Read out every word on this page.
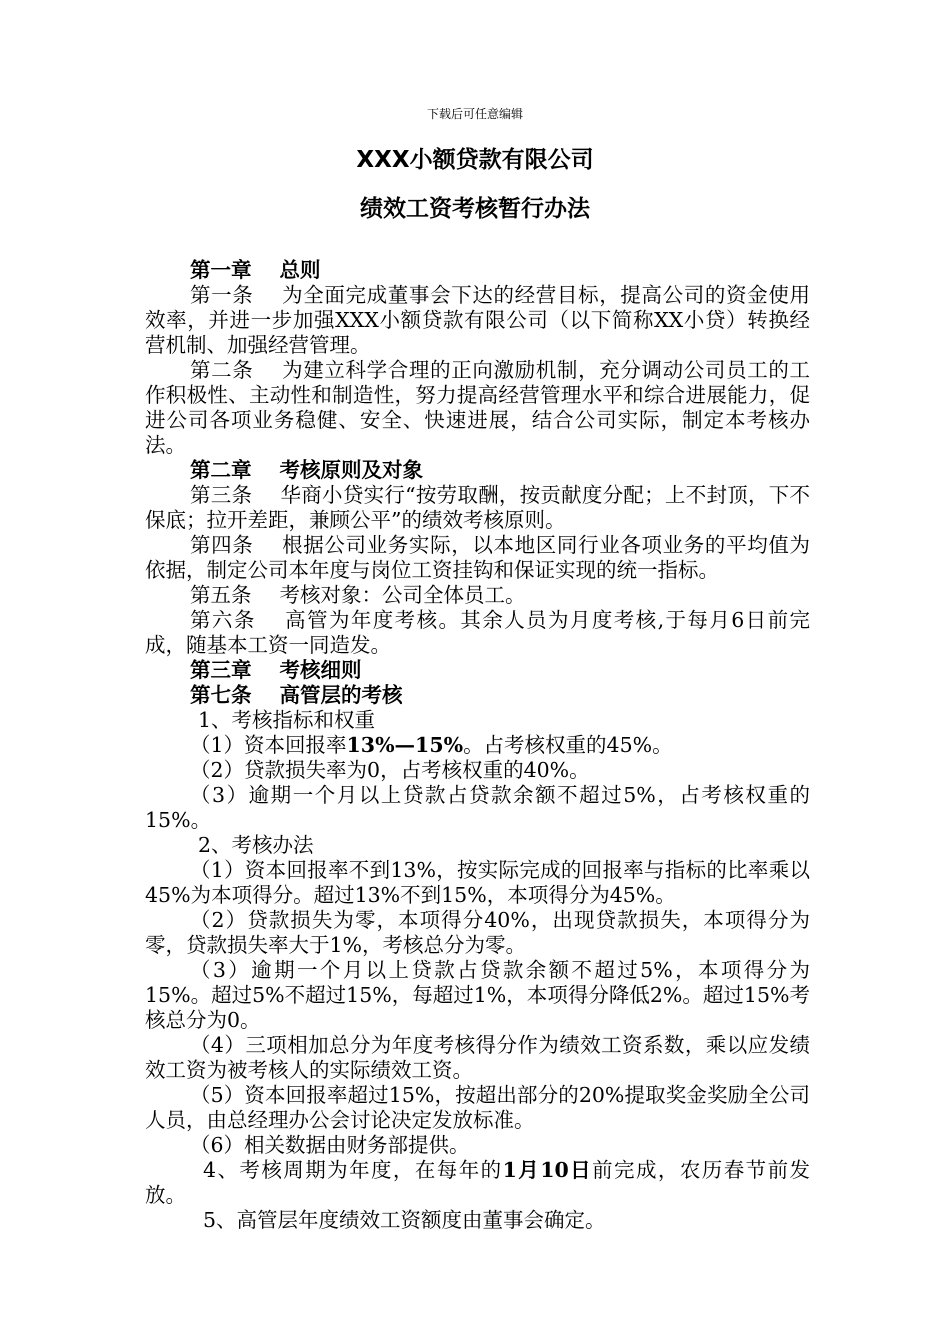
下载后可任意编辑
XXX小额贷款有限公司
绩效工资考核暂行办法

第一章 总则

第一条 为全面完成董事会下达的经营目标，提高公司的资金使用效率，并进一步加强XXX小额贷款有限公司（以下简称XX小贷）转换经营机制、加强经营管理。

第二条 为建立科学合理的正向激励机制，充分调动公司员工的工作积极性、主动性和制造性，努力提高经营管理水平和综合进展能力，促进公司各项业务稳健、安全、快速进展，结合公司实际，制定本考核办法。

第二章 考核原则及对象

第三条 华商小贷实行“按劳取酬，按贡献度分配；上不封顶，下不保底；拉开差距，兼顾公平”的绩效考核原则。

第四条 根据公司业务实际，以本地区同行业各项业务的平均值为依据，制定公司本年度与岗位工资挂钩和保证实现的统一指标。

第五条 考核对象：公司全体员工。

第六条 高管为年度考核。其余人员为月度考核,于每月6日前完成，随基本工资一同造发。

第三章 考核细则

第七条 高管层的考核

1、考核指标和权重

（1）资本回报率13%—15%。占考核权重的45%。

（2）贷款损失率为0，占考核权重的40%。

（3）逾期一个月以上贷款占贷款余额不超过5%，占考核权重的15%。

2、考核办法

（1）资本回报率不到13%，按实际完成的回报率与指标的比率乘以45%为本项得分。超过13%不到15%，本项得分为45%。

（2）贷款损失为零，本项得分40%，出现贷款损失，本项得分为零，贷款损失率大于1%，考核总分为零。

（3）逾期一个月以上贷款占贷款余额不超过5%，本项得分为15%。超过5%不超过15%，每超过1%，本项得分降低2%。超过15%考核总分为0。

（4）三项相加总分为年度考核得分作为绩效工资系数，乘以应发绩效工资为被考核人的实际绩效工资。

（5）资本回报率超过15%，按超出部分的20%提取奖金奖励全公司人员，由总经理办公会讨论决定发放标准。

（6）相关数据由财务部提供。

4、考核周期为年度，在每年的1月10日前完成，农历春节前发放。

5、高管层年度绩效工资额度由董事会确定。
